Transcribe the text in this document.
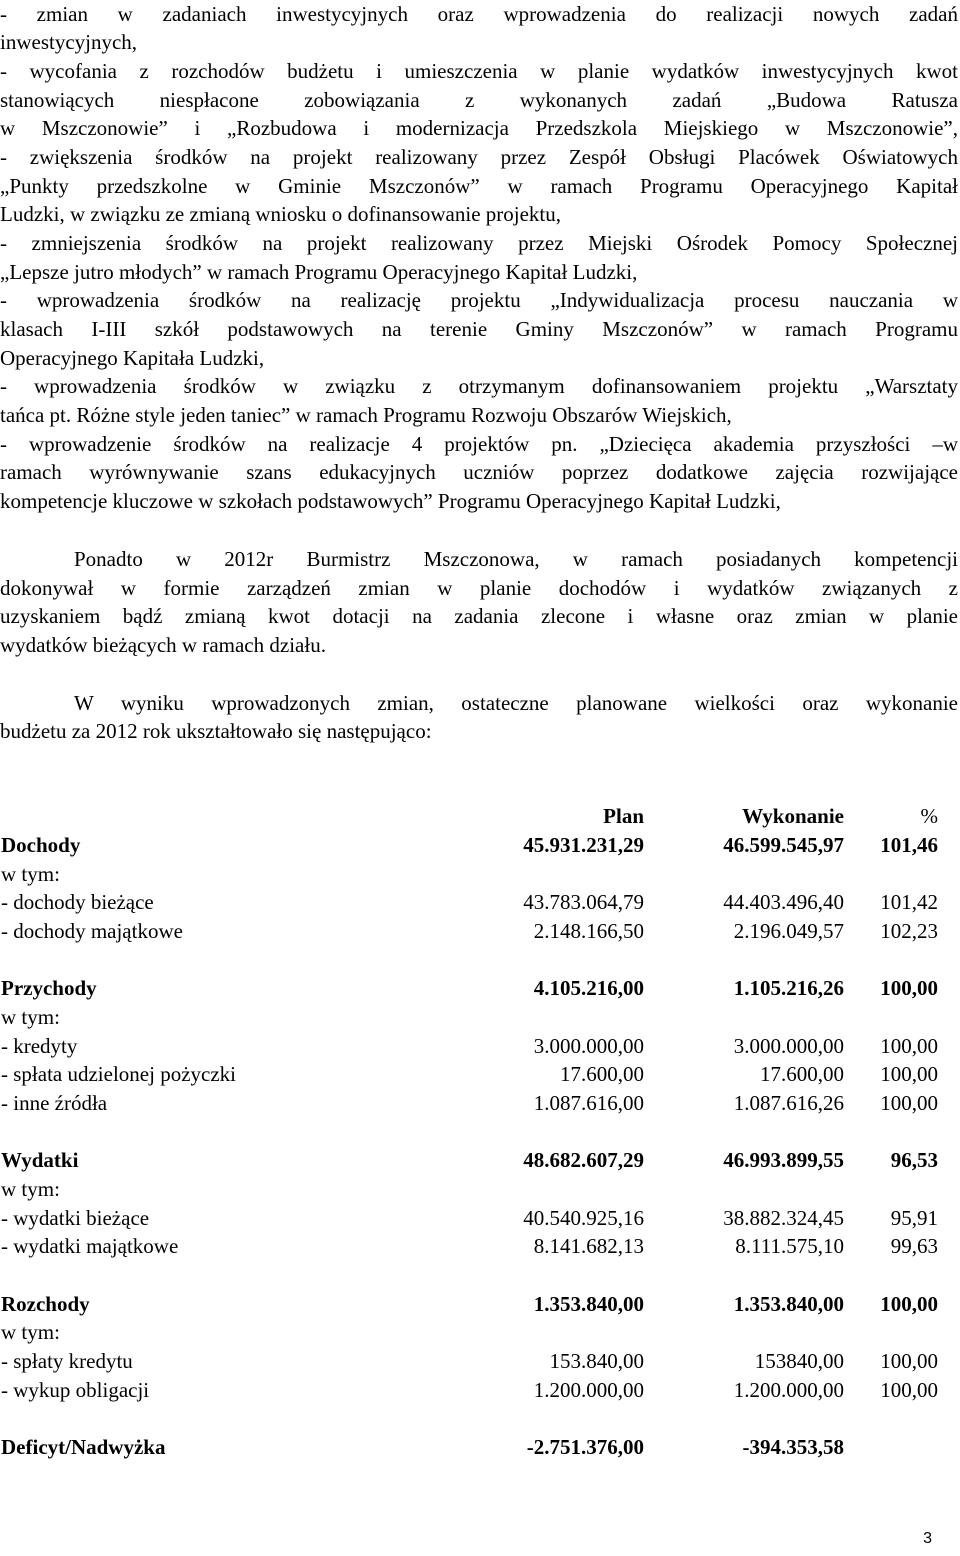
- zmian w zadaniach inwestycyjnych oraz wprowadzenia do realizacji nowych zadań
inwestycyjnych,
- wycofania z rozchodów budżetu i umieszczenia w planie wydatków inwestycyjnych kwot
stanowiących niespłacone zobowiązania z wykonanych zadań „Budowa Ratusza
w Mszczonowie” i „Rozbudowa i modernizacja Przedszkola Miejskiego w Mszczonowie”,
- zwiększenia środków na projekt realizowany przez Zespół Obsługi Placówek Oświatowych
„Punkty przedszkolne w Gminie Mszczonów” w ramach Programu Operacyjnego Kapitał
Ludzki, w związku ze zmianą wniosku o dofinansowanie projektu,
- zmniejszenia środków na projekt realizowany przez Miejski Ośrodek Pomocy Społecznej
„Lepsze jutro młodych” w ramach Programu Operacyjnego Kapitał Ludzki,
- wprowadzenia środków na realizację projektu „Indywidualizacja procesu nauczania w
klasach I-III szkół podstawowych na terenie Gminy Mszczonów” w ramach Programu
Operacyjnego Kapitała Ludzki,
- wprowadzenia środków w związku z otrzymanym dofinansowaniem projektu „Warsztaty
tańca pt. Różne style jeden taniec” w ramach Programu Rozwoju Obszarów Wiejskich,
- wprowadzenie środków na realizacje 4 projektów pn. „Dziecięca akademia przyszłości –w
ramach wyrównywanie szans edukacyjnych uczniów poprzez dodatkowe zajęcia rozwijające
kompetencje kluczowe w szkołach podstawowych” Programu Operacyjnego Kapitał Ludzki,
Ponadto w 2012r Burmistrz Mszczonowa, w ramach posiadanych kompetencji
dokonywał w formie zarządzeń zmian w planie dochodów i wydatków związanych z
uzyskaniem bądź zmianą kwot dotacji na zadania zlecone i własne oraz zmian w planie
wydatków bieżących w ramach działu.
W wyniku wprowadzonych zmian, ostateczne planowane wielkości oraz wykonanie
budżetu za 2012 rok ukształtowało się następująco:
Plan	Wykonanie	%
Dochody	45.931.231,29	46.599.545,97 101,46
w tym:
- dochody bieżące	43.783.064,79	44.403.496,40 101,42
- dochody majątkowe	2.148.166,50	2.196.049,57 102,23
Przychody	4.105.216,00	1.105.216,26 100,00
w tym:
- kredyty	3.000.000,00	3.000.000,00 100,00
- spłata udzielonej pożyczki	17.600,00	17.600,00 100,00
- inne źródła	1.087.616,00	1.087.616,26 100,00
Wydatki	48.682.607,29	46.993.899,55 96,53
w tym:
- wydatki bieżące	40.540.925,16	38.882.324,45 95,91
- wydatki majątkowe	8.141.682,13	8.111.575,10 99,63
Rozchody	1.353.840,00	1.353.840,00 100,00
w tym:
- spłaty kredytu	153.840,00	153840,00 100,00
- wykup obligacji	1.200.000,00	1.200.000,00 100,00
Deficyt/Nadwyżka	-2.751.376,00	-394.353,58
3
